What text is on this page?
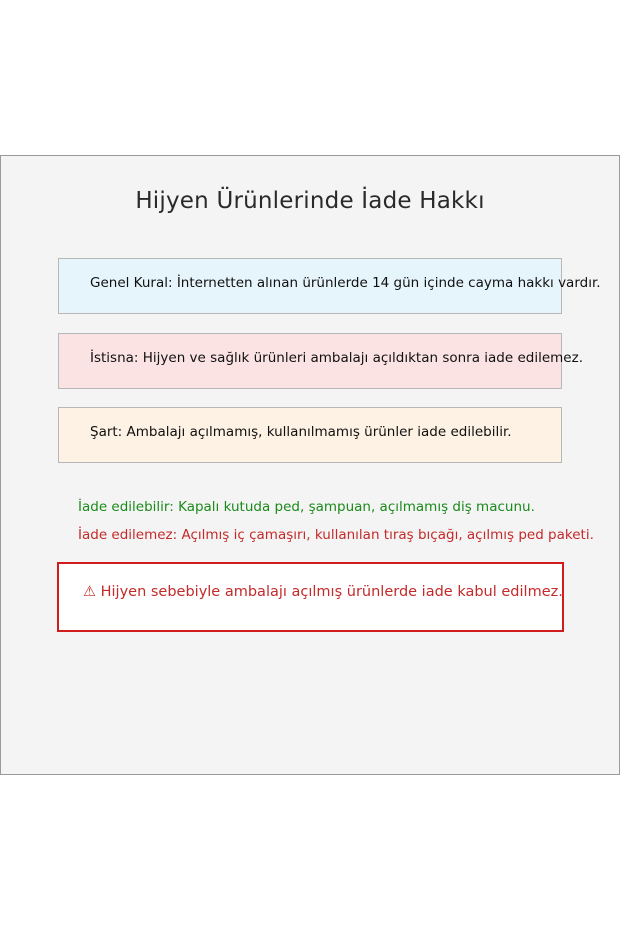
Hijyen Ürünlerinde İade Hakkı
Genel Kural: İnternetten alınan ürünlerde 14 gün içinde cayma hakkı vardır.
İstisna: Hijyen ve sağlık ürünleri ambalajı açıldıktan sonra iade edilemez.
Şart: Ambalajı açılmamış, kullanılmamış ürünler iade edilebilir.
İade edilebilir: Kapalı kutuda ped, şampuan, açılmamış diş macunu.
İade edilemez: Açılmış iç çamaşırı, kullanılan tıraş bıçağı, açılmış ped paketi.
⚠ Hijyen sebebiyle ambalajı açılmış ürünlerde iade kabul edilmez.
